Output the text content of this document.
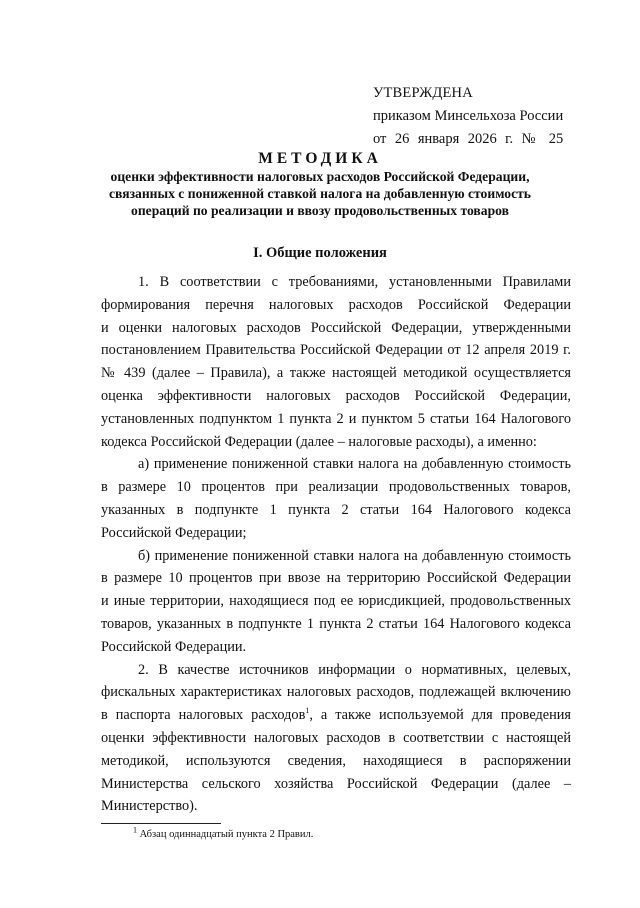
УТВЕРЖДЕНА
приказом Минсельхоза России
от 26 января 2026 г. № 25
МЕТОДИКА
оценки эффективности налоговых расходов Российской Федерации,
связанных с пониженной ставкой налога на добавленную стоимость
операций по реализации и ввозу продовольственных товаров
I. Общие положения
1. В соответствии с требованиями, установленными Правилами
формирования перечня налоговых расходов Российской Федерации
и оценки налоговых расходов Российской Федерации, утвержденными
постановлением Правительства Российской Федерации от 12 апреля 2019 г.
№ 439 (далее – Правила), а также настоящей методикой осуществляется
оценка эффективности налоговых расходов Российской Федерации,
установленных подпунктом 1 пункта 2 и пунктом 5 статьи 164 Налогового
кодекса Российской Федерации (далее – налоговые расходы), а именно:
а) применение пониженной ставки налога на добавленную стоимость
в размере 10 процентов при реализации продовольственных товаров,
указанных в подпункте 1 пункта 2 статьи 164 Налогового кодекса
Российской Федерации;
б) применение пониженной ставки налога на добавленную стоимость
в размере 10 процентов при ввозе на территорию Российской Федерации
и иные территории, находящиеся под ее юрисдикцией, продовольственных
товаров, указанных в подпункте 1 пункта 2 статьи 164 Налогового кодекса
Российской Федерации.
2. В качестве источников информации о нормативных, целевых,
фискальных характеристиках налоговых расходов, подлежащей включению
в паспорта налоговых расходов$^1$, а также используемой для проведения
оценки эффективности налоговых расходов в соответствии с настоящей
методикой, используются сведения, находящиеся в распоряжении
Министерства сельского хозяйства Российской Федерации (далее –
Министерство).
$^1$ Абзац одиннадцатый пункта 2 Правил.
